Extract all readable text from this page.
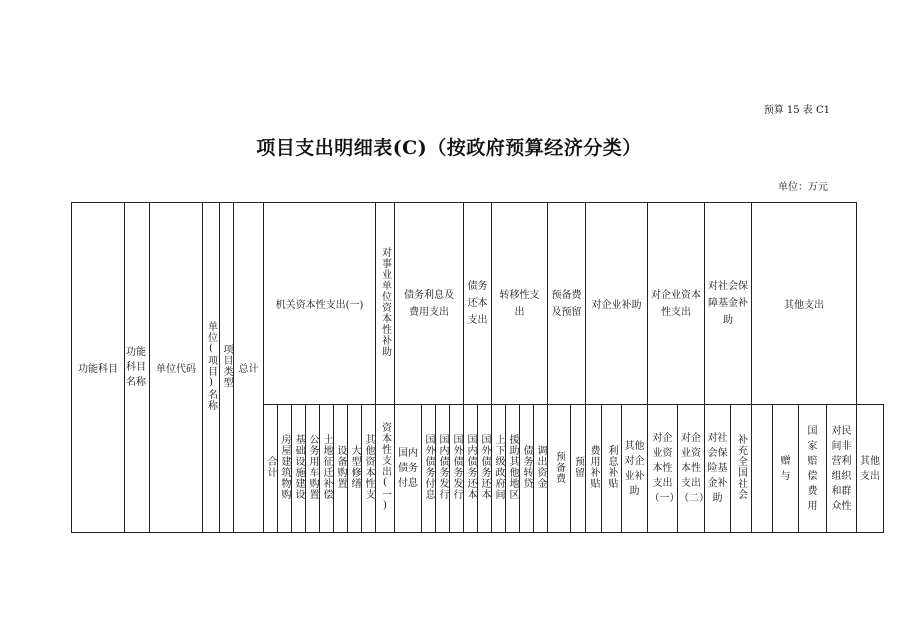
预算 15 表 C1
项目支出明细表(C)（按政府预算经济分类）
单位：万元
功能科目	功能科目名称	单位代码	单位(项目)名称	项目类型	总计	机关资本性支出(一)								对事业单位资本性补助	债务利息及费用支出				债务还本支出		转移性支出				预备费及预留		对企业补助			对企业资本性支出		对社会保障基金补助		其他支出				
						合计	房屋建筑物购	基础设施建设	公务用车购置	土地征迁补偿	设备购置	大型修缮	其他资本性支	资本性支出(一)	国内债务付息	国外债务付息	国内债务发行	国外债务发行	国内债务还本	国外债务还本	上下级政府间	援助其他地区	债务转贷	调出资金	预备费	预留	费用补贴	利息补贴	其他对企业补助	对企业资本性支出（一）	对企业资本性支出（二）	对社会保险基金补助	补充全国社会		赠与	国家赔偿费用	对民间非营利组织和群众性	其他支出
